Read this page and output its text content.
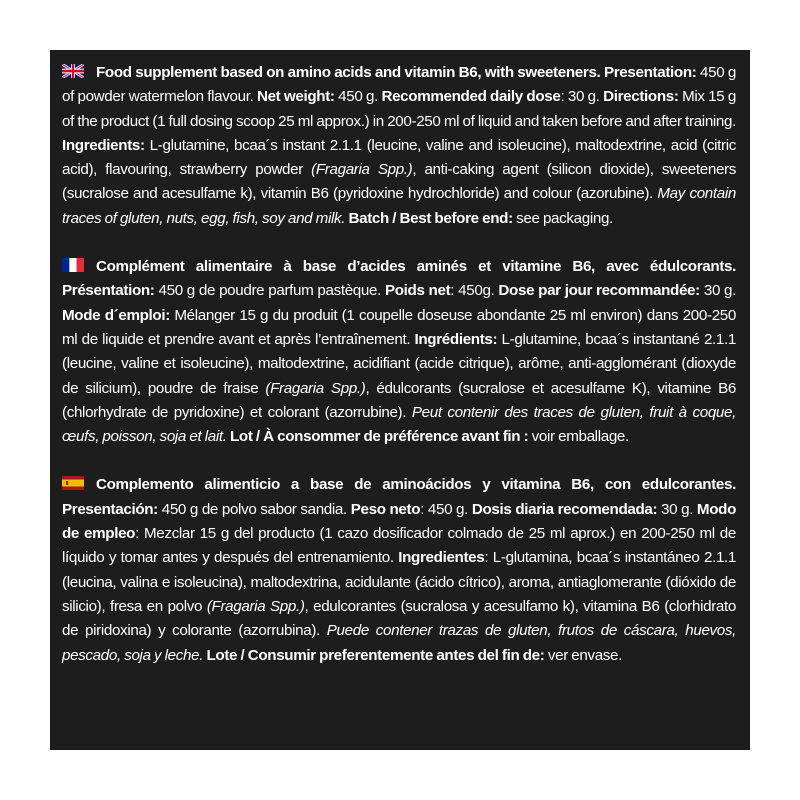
Food supplement based on amino acids and vitamin B6, with sweeteners. Presentation: 450 g of powder watermelon flavour. Net weight: 450 g. Recommended daily dose: 30 g. Directions: Mix 15 g of the product (1 full dosing scoop 25 ml approx.) in 200-250 ml of liquid and taken before and after training. Ingredients: L-glutamine, bcaa´s instant 2.1.1 (leucine, valine and isoleucine), maltodextrine, acid (citric acid), flavouring, strawberry powder (Fragaria Spp.), anti-caking agent (silicon dioxide), sweeteners (sucralose and acesulfame k), vitamin B6 (pyridoxine hydrochloride) and colour (azorubine). May contain traces of gluten, nuts, egg, fish, soy and milk. Batch / Best before end: see packaging.

Complément alimentaire à base d’acides aminés et vitamine B6, avec édulcorants. Présentation: 450 g de poudre parfum pastèque. Poids net: 450g. Dose par jour recommandée: 30 g. Mode d´emploi: Mélanger 15 g du produit (1 coupelle doseuse abondante 25 ml environ) dans 200-250 ml de liquide et prendre avant et après l’entraînement. Ingrédients: L-glutamine, bcaa´s instantané 2.1.1 (leucine, valine et isoleucine), maltodextrine, acidifiant (acide citrique), arôme, anti-agglomérant (dioxyde de silicium), poudre de fraise (Fragaria Spp.), édulcorants (sucralose et acesulfame K), vitamine B6 (chlorhydrate de pyridoxine) et colorant (azorrubine). Peut contenir des traces de gluten, fruit à coque, œufs, poisson, soja et lait. Lot / À consommer de préférence avant fin : voir emballage.

Complemento alimenticio a base de aminoácidos y vitamina B6, con edulcorantes. Presentación: 450 g de polvo sabor sandia. Peso neto: 450 g. Dosis diaria recomendada: 30 g. Modo de empleo: Mezclar 15 g del producto (1 cazo dosificador colmado de 25 ml aprox.) en 200-250 ml de líquido y tomar antes y después del entrenamiento. Ingredientes: L-glutamina, bcaa´s instantáneo 2.1.1 (leucina, valina e isoleucina), maltodextrina, acidulante (ácido cítrico), aroma, antiaglomerante (dióxido de silicio), fresa en polvo (Fragaria Spp.), edulcorantes (sucralosa y acesulfamo k), vitamina B6 (clorhidrato de piridoxina) y colorante (azorrubina). Puede contener trazas de gluten, frutos de cáscara, huevos, pescado, soja y leche. Lote / Consumir preferentemente antes del fin de: ver envase.
